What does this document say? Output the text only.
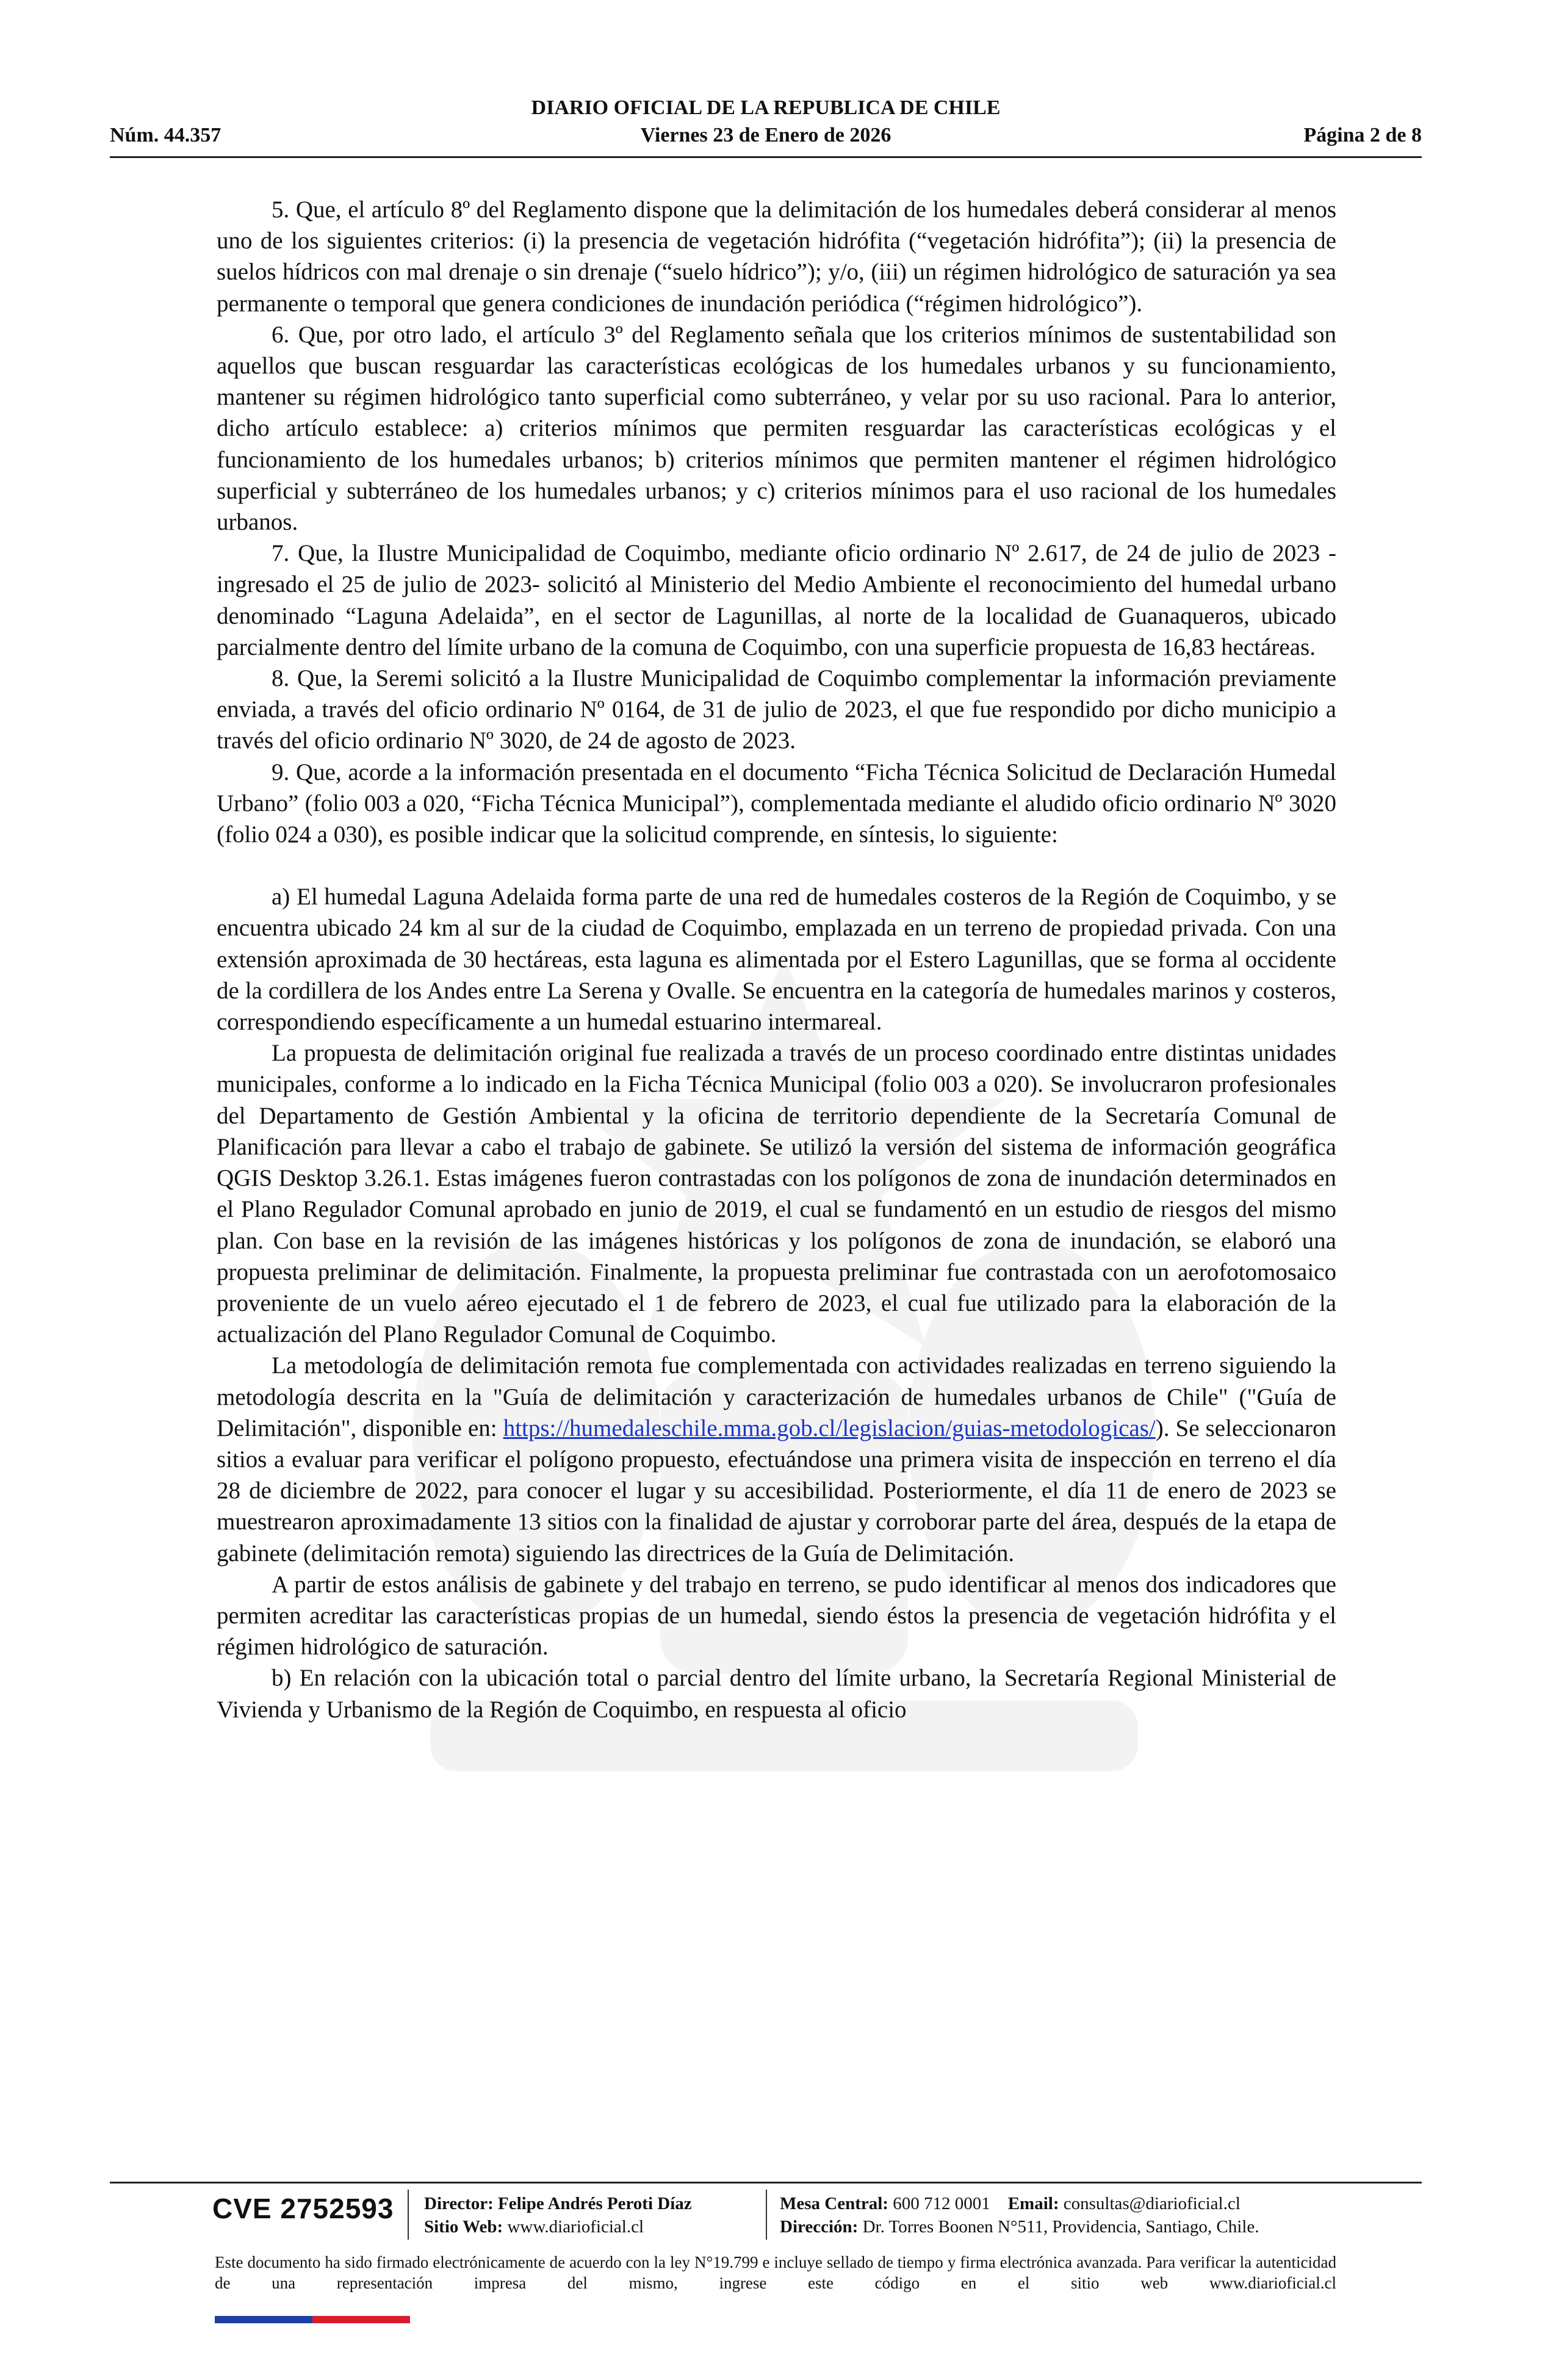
DIARIO OFICIAL DE LA REPUBLICA DE CHILE
Núm. 44.357	Viernes 23 de Enero de 2026	Página 2 de 8

5. Que, el artículo 8º del Reglamento dispone que la delimitación de los humedales deberá considerar al menos uno de los siguientes criterios: (i) la presencia de vegetación hidrófita (“vegetación hidrófita”); (ii) la presencia de suelos hídricos con mal drenaje o sin drenaje (“suelo hídrico”); y/o, (iii) un régimen hidrológico de saturación ya sea permanente o temporal que genera condiciones de inundación periódica (“régimen hidrológico”).

6. Que, por otro lado, el artículo 3º del Reglamento señala que los criterios mínimos de sustentabilidad son aquellos que buscan resguardar las características ecológicas de los humedales urbanos y su funcionamiento, mantener su régimen hidrológico tanto superficial como subterráneo, y velar por su uso racional. Para lo anterior, dicho artículo establece: a) criterios mínimos que permiten resguardar las características ecológicas y el funcionamiento de los humedales urbanos; b) criterios mínimos que permiten mantener el régimen hidrológico superficial y subterráneo de los humedales urbanos; y c) criterios mínimos para el uso racional de los humedales urbanos.

7. Que, la Ilustre Municipalidad de Coquimbo, mediante oficio ordinario Nº 2.617, de 24 de julio de 2023 -ingresado el 25 de julio de 2023- solicitó al Ministerio del Medio Ambiente el reconocimiento del humedal urbano denominado “Laguna Adelaida”, en el sector de Lagunillas, al norte de la localidad de Guanaqueros, ubicado parcialmente dentro del límite urbano de la comuna de Coquimbo, con una superficie propuesta de 16,83 hectáreas.

8. Que, la Seremi solicitó a la Ilustre Municipalidad de Coquimbo complementar la información previamente enviada, a través del oficio ordinario Nº 0164, de 31 de julio de 2023, el que fue respondido por dicho municipio a través del oficio ordinario Nº 3020, de 24 de agosto de 2023.

9. Que, acorde a la información presentada en el documento “Ficha Técnica Solicitud de Declaración Humedal Urbano” (folio 003 a 020, “Ficha Técnica Municipal”), complementada mediante el aludido oficio ordinario Nº 3020 (folio 024 a 030), es posible indicar que la solicitud comprende, en síntesis, lo siguiente:

a) El humedal Laguna Adelaida forma parte de una red de humedales costeros de la Región de Coquimbo, y se encuentra ubicado 24 km al sur de la ciudad de Coquimbo, emplazada en un terreno de propiedad privada. Con una extensión aproximada de 30 hectáreas, esta laguna es alimentada por el Estero Lagunillas, que se forma al occidente de la cordillera de los Andes entre La Serena y Ovalle. Se encuentra en la categoría de humedales marinos y costeros, correspondiendo específicamente a un humedal estuarino intermareal.

La propuesta de delimitación original fue realizada a través de un proceso coordinado entre distintas unidades municipales, conforme a lo indicado en la Ficha Técnica Municipal (folio 003 a 020). Se involucraron profesionales del Departamento de Gestión Ambiental y la oficina de territorio dependiente de la Secretaría Comunal de Planificación para llevar a cabo el trabajo de gabinete. Se utilizó la versión del sistema de información geográfica QGIS Desktop 3.26.1. Estas imágenes fueron contrastadas con los polígonos de zona de inundación determinados en el Plano Regulador Comunal aprobado en junio de 2019, el cual se fundamentó en un estudio de riesgos del mismo plan. Con base en la revisión de las imágenes históricas y los polígonos de zona de inundación, se elaboró una propuesta preliminar de delimitación. Finalmente, la propuesta preliminar fue contrastada con un aerofotomosaico proveniente de un vuelo aéreo ejecutado el 1 de febrero de 2023, el cual fue utilizado para la elaboración de la actualización del Plano Regulador Comunal de Coquimbo.

La metodología de delimitación remota fue complementada con actividades realizadas en terreno siguiendo la metodología descrita en la "Guía de delimitación y caracterización de humedales urbanos de Chile" ("Guía de Delimitación", disponible en: https://humedaleschile.mma.gob.cl/legislacion/guias-metodologicas/). Se seleccionaron sitios a evaluar para verificar el polígono propuesto, efectuándose una primera visita de inspección en terreno el día 28 de diciembre de 2022, para conocer el lugar y su accesibilidad. Posteriormente, el día 11 de enero de 2023 se muestrearon aproximadamente 13 sitios con la finalidad de ajustar y corroborar parte del área, después de la etapa de gabinete (delimitación remota) siguiendo las directrices de la Guía de Delimitación.

A partir de estos análisis de gabinete y del trabajo en terreno, se pudo identificar al menos dos indicadores que permiten acreditar las características propias de un humedal, siendo éstos la presencia de vegetación hidrófita y el régimen hidrológico de saturación.

b) En relación con la ubicación total o parcial dentro del límite urbano, la Secretaría Regional Ministerial de Vivienda y Urbanismo de la Región de Coquimbo, en respuesta al oficio

CVE 2752593 Director: Felipe Andrés Peroti Díaz
Sitio Web: www.diarioficial.cl
Mesa Central: 600 712 0001 Email: consultas@diarioficial.cl
Dirección: Dr. Torres Boonen N°511, Providencia, Santiago, Chile.
Este documento ha sido firmado electrónicamente de acuerdo con la ley N°19.799 e incluye sellado de tiempo y firma electrónica avanzada. Para verificar la autenticidad de una representación impresa del mismo, ingrese este código en el sitio web www.diarioficial.cl
